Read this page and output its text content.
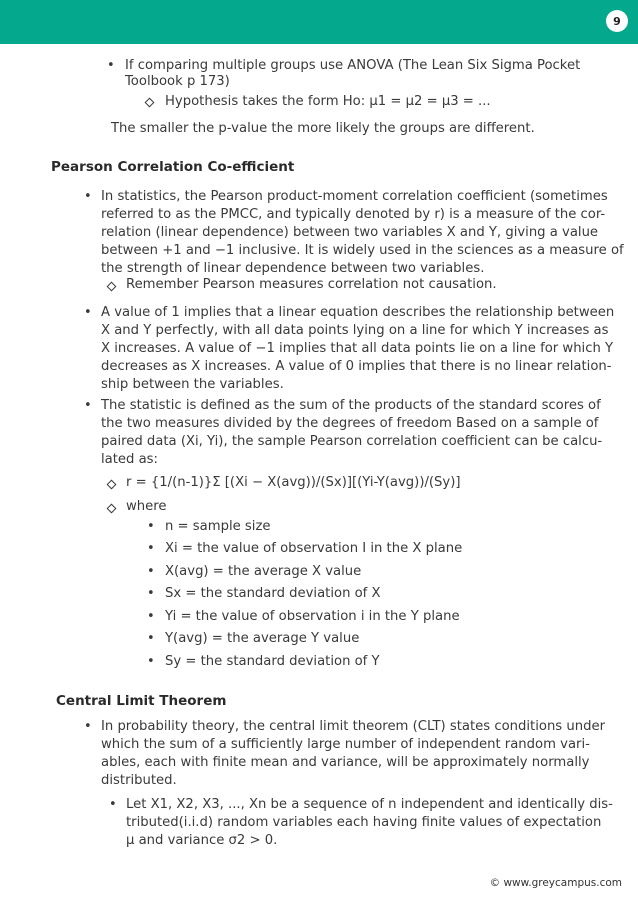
9
• If comparing multiple groups use ANOVA (The Lean Six Sigma Pocket
Toolbook p 173)
Hypothesis takes the form Ho: μ1 = μ2 = μ3 = ...
The smaller the p-value the more likely the groups are different.
Pearson Correlation Co-efficient
• In statistics, the Pearson product-moment correlation coefficient (sometimes
referred to as the PMCC, and typically denoted by r) is a measure of the cor-
relation (linear dependence) between two variables X and Y, giving a value
between +1 and −1 inclusive. It is widely used in the sciences as a measure of
the strength of linear dependence between two variables.
Remember Pearson measures correlation not causation.
• A value of 1 implies that a linear equation describes the relationship between
X and Y perfectly, with all data points lying on a line for which Y increases as
X increases. A value of −1 implies that all data points lie on a line for which Y
decreases as X increases. A value of 0 implies that there is no linear relation-
ship between the variables.
• The statistic is defined as the sum of the products of the standard scores of
the two measures divided by the degrees of freedom Based on a sample of
paired data (Xi, Yi), the sample Pearson correlation coefficient can be calcu-
lated as:
r = {1/(n-1)}Σ [(Xi − X(avg))/(Sx)][(Yi-Y(avg))/(Sy)]
where
• n = sample size
• Xi = the value of observation I in the X plane
• X(avg) = the average X value
• Sx = the standard deviation of X
• Yi = the value of observation i in the Y plane
• Y(avg) = the average Y value
• Sy = the standard deviation of Y
Central Limit Theorem
• In probability theory, the central limit theorem (CLT) states conditions under
which the sum of a sufficiently large number of independent random vari-
ables, each with finite mean and variance, will be approximately normally
distributed.
• Let X1, X2, X3, ..., Xn be a sequence of n independent and identically dis-
tributed(i.i.d) random variables each having finite values of expectation
μ and variance σ2 > 0.
© www.greycampus.com
